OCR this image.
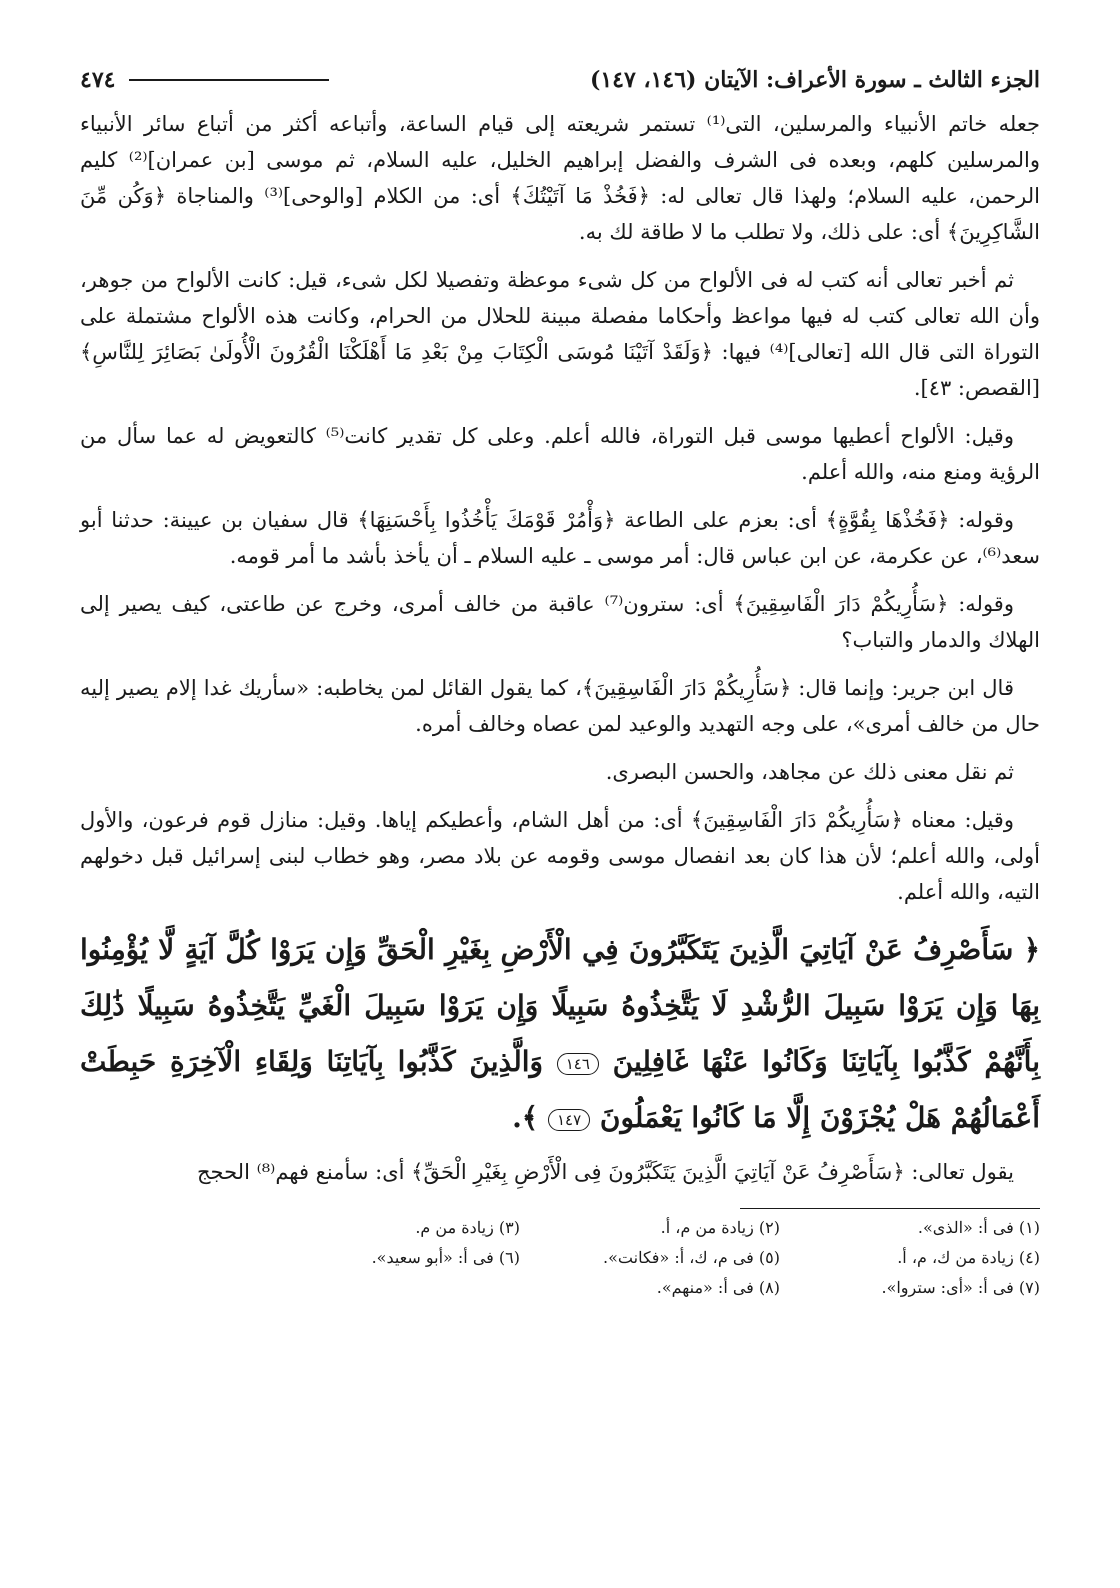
الجزء الثالث ـ سورة الأعراف: الآيتان (١٤٦، ١٤٧)
٤٧٤

جعله خاتم الأنبياء والمرسلين، التى⁽¹⁾ تستمر شريعته إلى قيام الساعة، وأتباعه أكثر من أتباع سائر الأنبياء والمرسلين كلهم، وبعده فى الشرف والفضل إبراهيم الخليل، عليه السلام، ثم موسى [بن عمران]⁽²⁾ كليم الرحمن، عليه السلام؛ ولهذا قال تعالى له: ﴿فَخُذْ مَا آتَيْتُكَ﴾ أى: من الكلام [والوحى]⁽³⁾ والمناجاة ﴿وَكُن مِّنَ الشَّاكِرِينَ﴾ أى: على ذلك، ولا تطلب ما لا طاقة لك به.

ثم أخبر تعالى أنه كتب له فى الألواح من كل شىء موعظة وتفصيلا لكل شىء، قيل: كانت الألواح من جوهر، وأن الله تعالى كتب له فيها مواعظ وأحكاما مفصلة مبينة للحلال من الحرام، وكانت هذه الألواح مشتملة على التوراة التى قال الله [تعالى]⁽⁴⁾ فيها: ﴿وَلَقَدْ آتَيْنَا مُوسَى الْكِتَابَ مِنْ بَعْدِ مَا أَهْلَكْنَا الْقُرُونَ الْأُولَىٰ بَصَائِرَ لِلنَّاسِ﴾ [القصص: ٤٣].

وقيل: الألواح أعطيها موسى قبل التوراة، فالله أعلم. وعلى كل تقدير كانت⁽⁵⁾ كالتعويض له عما سأل من الرؤية ومنع منه، والله أعلم.

وقوله: ﴿فَخُذْهَا بِقُوَّةٍ﴾ أى: بعزم على الطاعة ﴿وَأْمُرْ قَوْمَكَ يَأْخُذُوا بِأَحْسَنِهَا﴾ قال سفيان بن عيينة: حدثنا أبو سعد⁽⁶⁾، عن عكرمة، عن ابن عباس قال: أمر موسى ـ عليه السلام ـ أن يأخذ بأشد ما أمر قومه.

وقوله: ﴿سَأُرِيكُمْ دَارَ الْفَاسِقِينَ﴾ أى: سترون⁽⁷⁾ عاقبة من خالف أمرى، وخرج عن طاعتى، كيف يصير إلى الهلاك والدمار والتباب؟

قال ابن جرير: وإنما قال: ﴿سَأُرِيكُمْ دَارَ الْفَاسِقِينَ﴾، كما يقول القائل لمن يخاطبه: «سأريك غدا إلام يصير إليه حال من خالف أمرى»، على وجه التهديد والوعيد لمن عصاه وخالف أمره.

ثم نقل معنى ذلك عن مجاهد، والحسن البصرى.

وقيل: معناه ﴿سَأُرِيكُمْ دَارَ الْفَاسِقِينَ﴾ أى: من أهل الشام، وأعطيكم إياها. وقيل: منازل قوم فرعون، والأول أولى، والله أعلم؛ لأن هذا كان بعد انفصال موسى وقومه عن بلاد مصر، وهو خطاب لبنى إسرائيل قبل دخولهم التيه، والله أعلم.

﴿ سَأَصْرِفُ عَنْ آيَاتِيَ الَّذِينَ يَتَكَبَّرُونَ فِي الْأَرْضِ بِغَيْرِ الْحَقِّ وَإِن يَرَوْا كُلَّ آيَةٍ لَّا يُؤْمِنُوا بِهَا وَإِن يَرَوْا سَبِيلَ الرُّشْدِ لَا يَتَّخِذُوهُ سَبِيلًا وَإِن يَرَوْا سَبِيلَ الْغَيِّ يَتَّخِذُوهُ سَبِيلًا ذَٰلِكَ بِأَنَّهُمْ كَذَّبُوا بِآيَاتِنَا وَكَانُوا عَنْهَا غَافِلِينَ ١٤٦ وَالَّذِينَ كَذَّبُوا بِآيَاتِنَا وَلِقَاءِ الْآخِرَةِ حَبِطَتْ أَعْمَالُهُمْ هَلْ يُجْزَوْنَ إِلَّا مَا كَانُوا يَعْمَلُونَ ١٤٧ ﴾.

يقول تعالى: ﴿سَأَصْرِفُ عَنْ آيَاتِيَ الَّذِينَ يَتَكَبَّرُونَ فِى الْأَرْضِ بِغَيْرِ الْحَقِّ﴾ أى: سأمنع فهم⁽⁸⁾ الحجج

(١) فى أ: «الذى».
(٢) زيادة من م، أ.
(٣) زيادة من م.
(٤) زيادة من ك، م، أ.
(٥) فى م، ك، أ: «فكانت».
(٦) فى أ: «أبو سعيد».
(٧) فى أ: «أى: ستروا».
(٨) فى أ: «منهم».
